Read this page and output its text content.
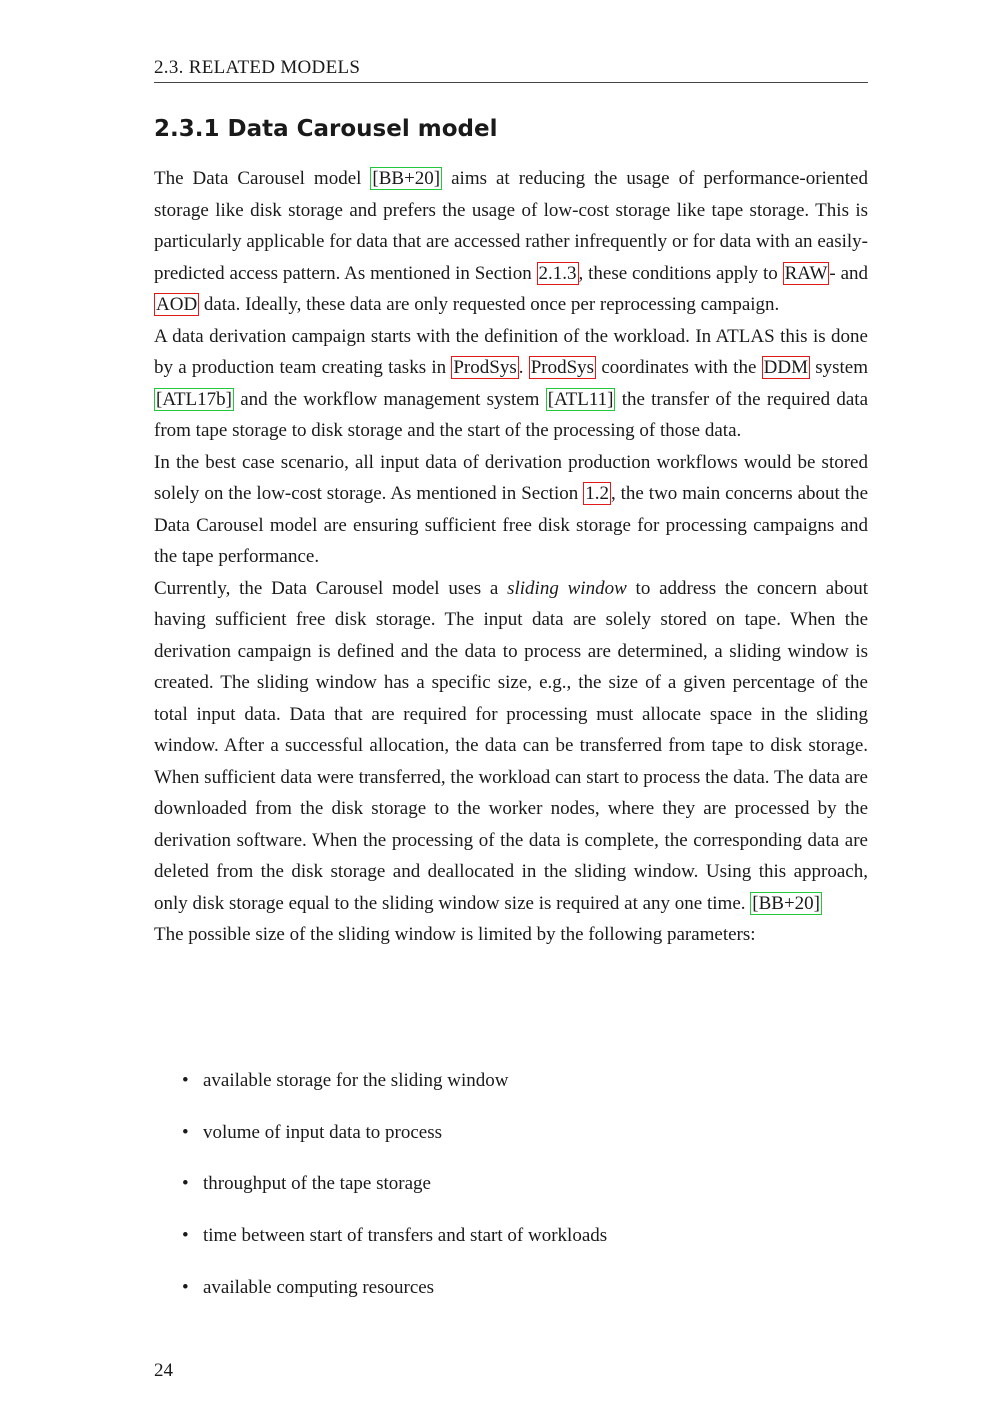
2.3. RELATED MODELS
2.3.1 Data Carousel model

The Data Carousel model [BB+20] aims at reducing the usage of performance-oriented storage like disk storage and prefers the usage of low-cost storage like tape storage. This is particularly applicable for data that are accessed rather infrequently or for data with an easily-predicted access pattern. As mentioned in Section 2.1.3 , these conditions apply to RAW - and AOD data. Ideally, these data are only requested once per reprocessing campaign.

A data derivation campaign starts with the definition of the workload. In ATLAS this is done by a production team creating tasks in ProdSys . ProdSys coordinates with the DDM system [ATL17b] and the workflow management system [ATL11] the transfer of the required data from tape storage to disk storage and the start of the processing of those data.

In the best case scenario, all input data of derivation production workflows would be stored solely on the low-cost storage. As mentioned in Section 1.2 , the two main concerns about the Data Carousel model are ensuring sufficient free disk storage for processing campaigns and the tape performance.

Currently, the Data Carousel model uses a sliding window to address the concern about having sufficient free disk storage. The input data are solely stored on tape. When the derivation campaign is defined and the data to process are determined, a sliding window is created. The sliding window has a specific size, e.g., the size of a given percentage of the total input data. Data that are required for processing must allocate space in the sliding window. After a successful allocation, the data can be transferred from tape to disk storage. When sufficient data were transferred, the workload can start to process the data. The data are downloaded from the disk storage to the worker nodes, where they are processed by the derivation software. When the processing of the data is complete, the corresponding data are deleted from the disk storage and deallocated in the sliding window. Using this approach, only disk storage equal to the sliding window size is required at any one time. [BB+20]

The possible size of the sliding window is limited by the following parameters:

• available storage for the sliding window
• volume of input data to process
• throughput of the tape storage
• time between start of transfers and start of workloads
• available computing resources
24
